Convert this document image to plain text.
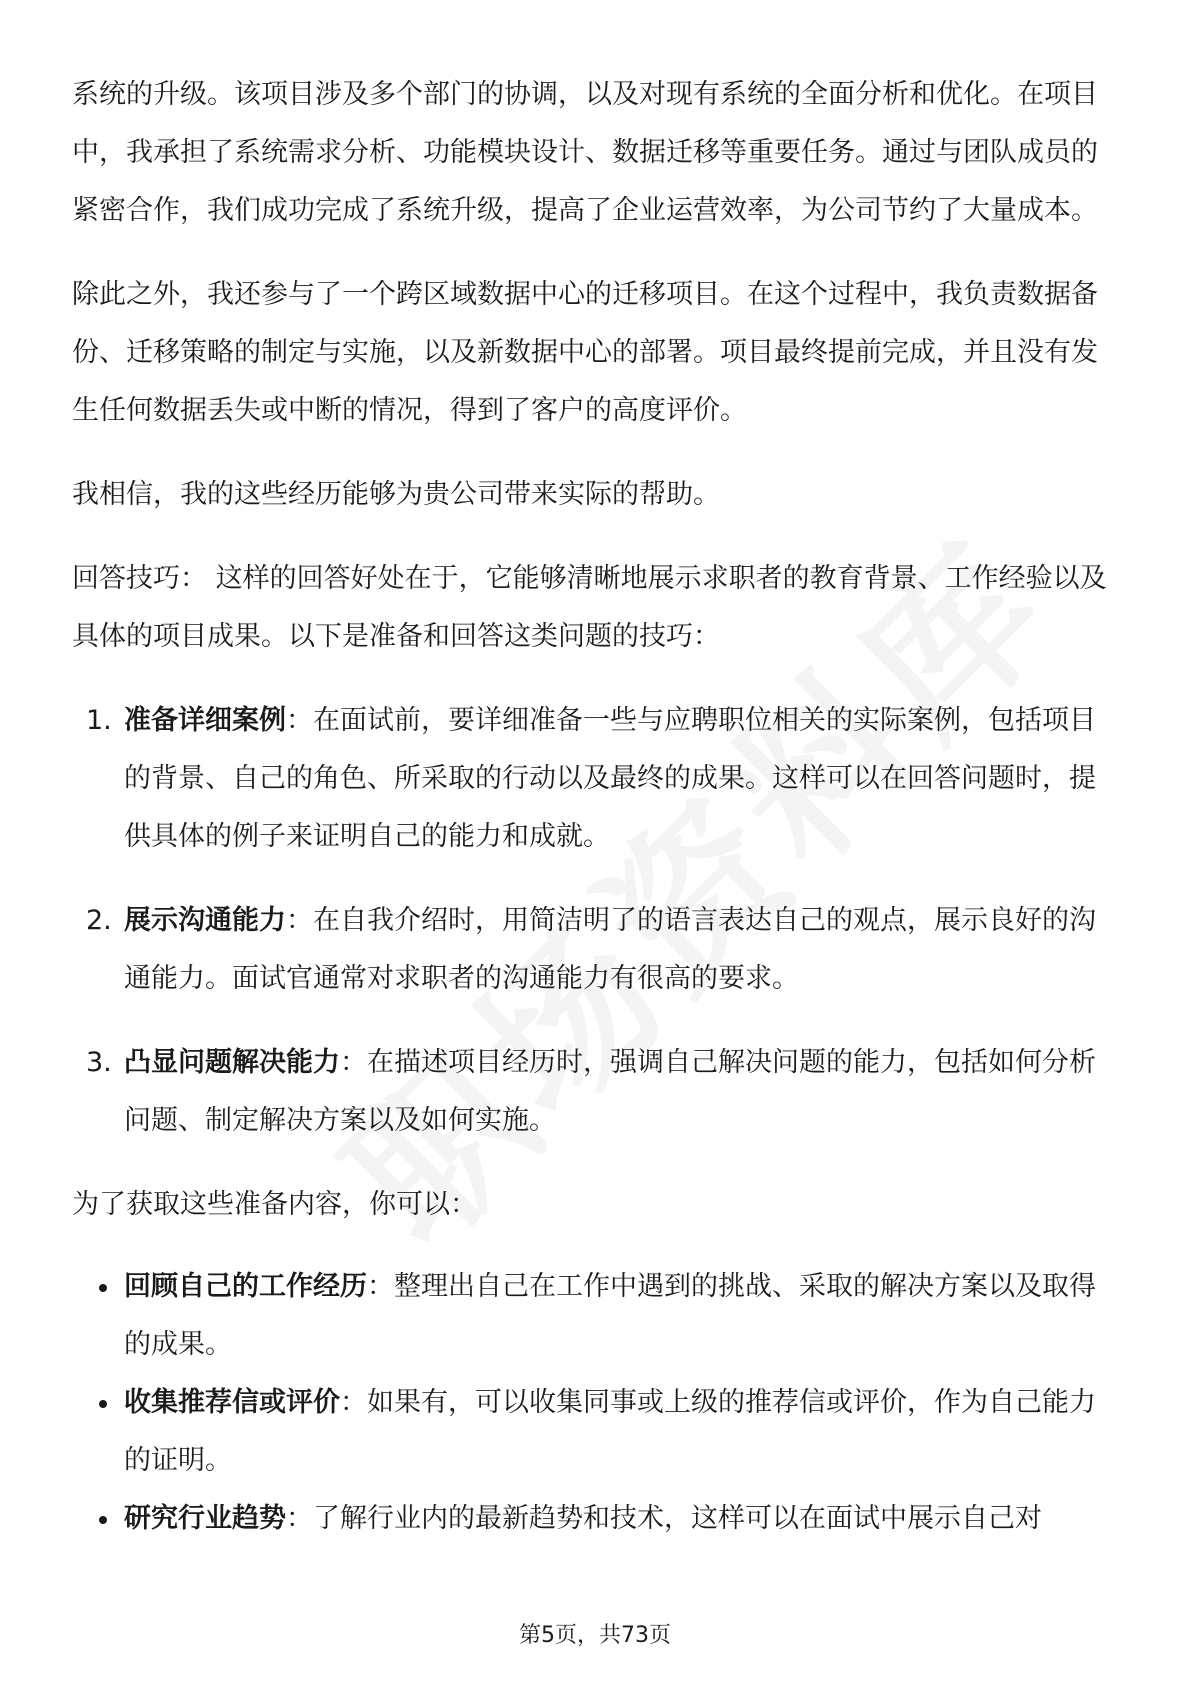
系统的升级。该项目涉及多个部门的协调，以及对现有系统的全面分析和优化。在项目中，我承担了系统需求分析、功能模块设计、数据迁移等重要任务。通过与团队成员的紧密合作，我们成功完成了系统升级，提高了企业运营效率，为公司节约了大量成本。

除此之外，我还参与了一个跨区域数据中心的迁移项目。在这个过程中，我负责数据备份、迁移策略的制定与实施，以及新数据中心的部署。项目最终提前完成，并且没有发生任何数据丢失或中断的情况，得到了客户的高度评价。

我相信，我的这些经历能够为贵公司带来实际的帮助。

回答技巧： 这样的回答好处在于，它能够清晰地展示求职者的教育背景、工作经验以及具体的项目成果。以下是准备和回答这类问题的技巧：

1. 准备详细案例：在面试前，要详细准备一些与应聘职位相关的实际案例，包括项目的背景、自己的角色、所采取的行动以及最终的成果。这样可以在回答问题时，提供具体的例子来证明自己的能力和成就。

2. 展示沟通能力：在自我介绍时，用简洁明了的语言表达自己的观点，展示良好的沟通能力。面试官通常对求职者的沟通能力有很高的要求。

3. 凸显问题解决能力：在描述项目经历时，强调自己解决问题的能力，包括如何分析问题、制定解决方案以及如何实施。

为了获取这些准备内容，你可以：

回顾自己的工作经历：整理出自己在工作中遇到的挑战、采取的解决方案以及取得的成果。

收集推荐信或评价：如果有，可以收集同事或上级的推荐信或评价，作为自己能力的证明。

研究行业趋势：了解行业内的最新趋势和技术，这样可以在面试中展示自己对

第5页，共73页
